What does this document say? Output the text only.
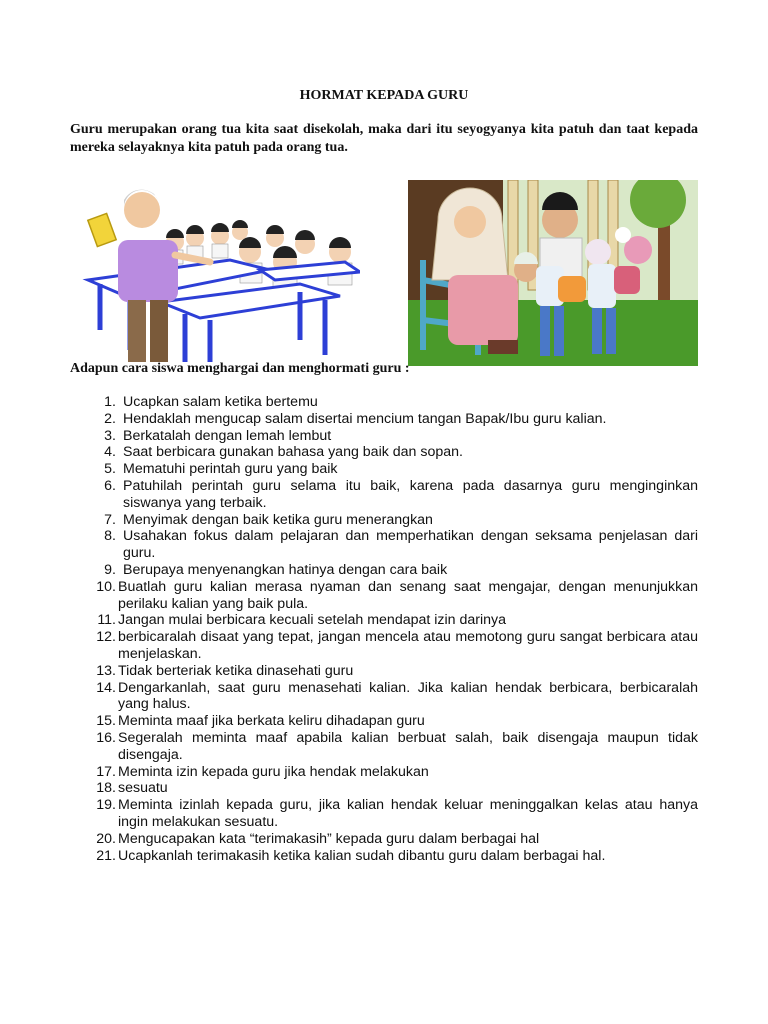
HORMAT KEPADA GURU

Guru merupakan orang tua kita saat disekolah, maka dari itu seyogyanya kita patuh dan taat kepada mereka selayaknya kita patuh pada orang tua.

Adapun cara siswa menghargai dan menghormati guru :

1. Ucapkan salam ketika bertemu
2. Hendaklah mengucap salam disertai mencium tangan Bapak/Ibu guru kalian.
3. Berkatalah dengan lemah lembut
4. Saat berbicara gunakan bahasa yang baik dan sopan.
5. Mematuhi perintah guru yang baik
6. Patuhilah perintah guru selama itu baik, karena pada dasarnya guru menginginkan siswanya yang terbaik.
7. Menyimak dengan baik ketika guru menerangkan
8. Usahakan fokus dalam pelajaran dan memperhatikan dengan seksama penjelasan dari guru.
9. Berupaya menyenangkan hatinya dengan cara baik
10. Buatlah guru kalian merasa nyaman dan senang saat mengajar, dengan menunjukkan perilaku kalian yang baik pula.
11. Jangan mulai berbicara kecuali setelah mendapat izin darinya
12. berbicaralah disaat yang tepat, jangan mencela atau memotong guru sangat berbicara atau menjelaskan.
13. Tidak berteriak ketika dinasehati guru
14. Dengarkanlah, saat guru menasehati kalian. Jika kalian hendak berbicara, berbicaralah yang halus.
15. Meminta maaf jika berkata keliru dihadapan guru
16. Segeralah meminta maaf apabila kalian berbuat salah, baik disengaja maupun tidak disengaja.
17. Meminta izin kepada guru jika hendak melakukan
18. sesuatu
19. Meminta izinlah kepada guru, jika kalian hendak keluar meninggalkan kelas atau hanya ingin melakukan sesuatu.
20. Mengucapakan kata “terimakasih” kepada guru dalam berbagai hal
21. Ucapkanlah terimakasih ketika kalian sudah dibantu guru dalam berbagai hal.
